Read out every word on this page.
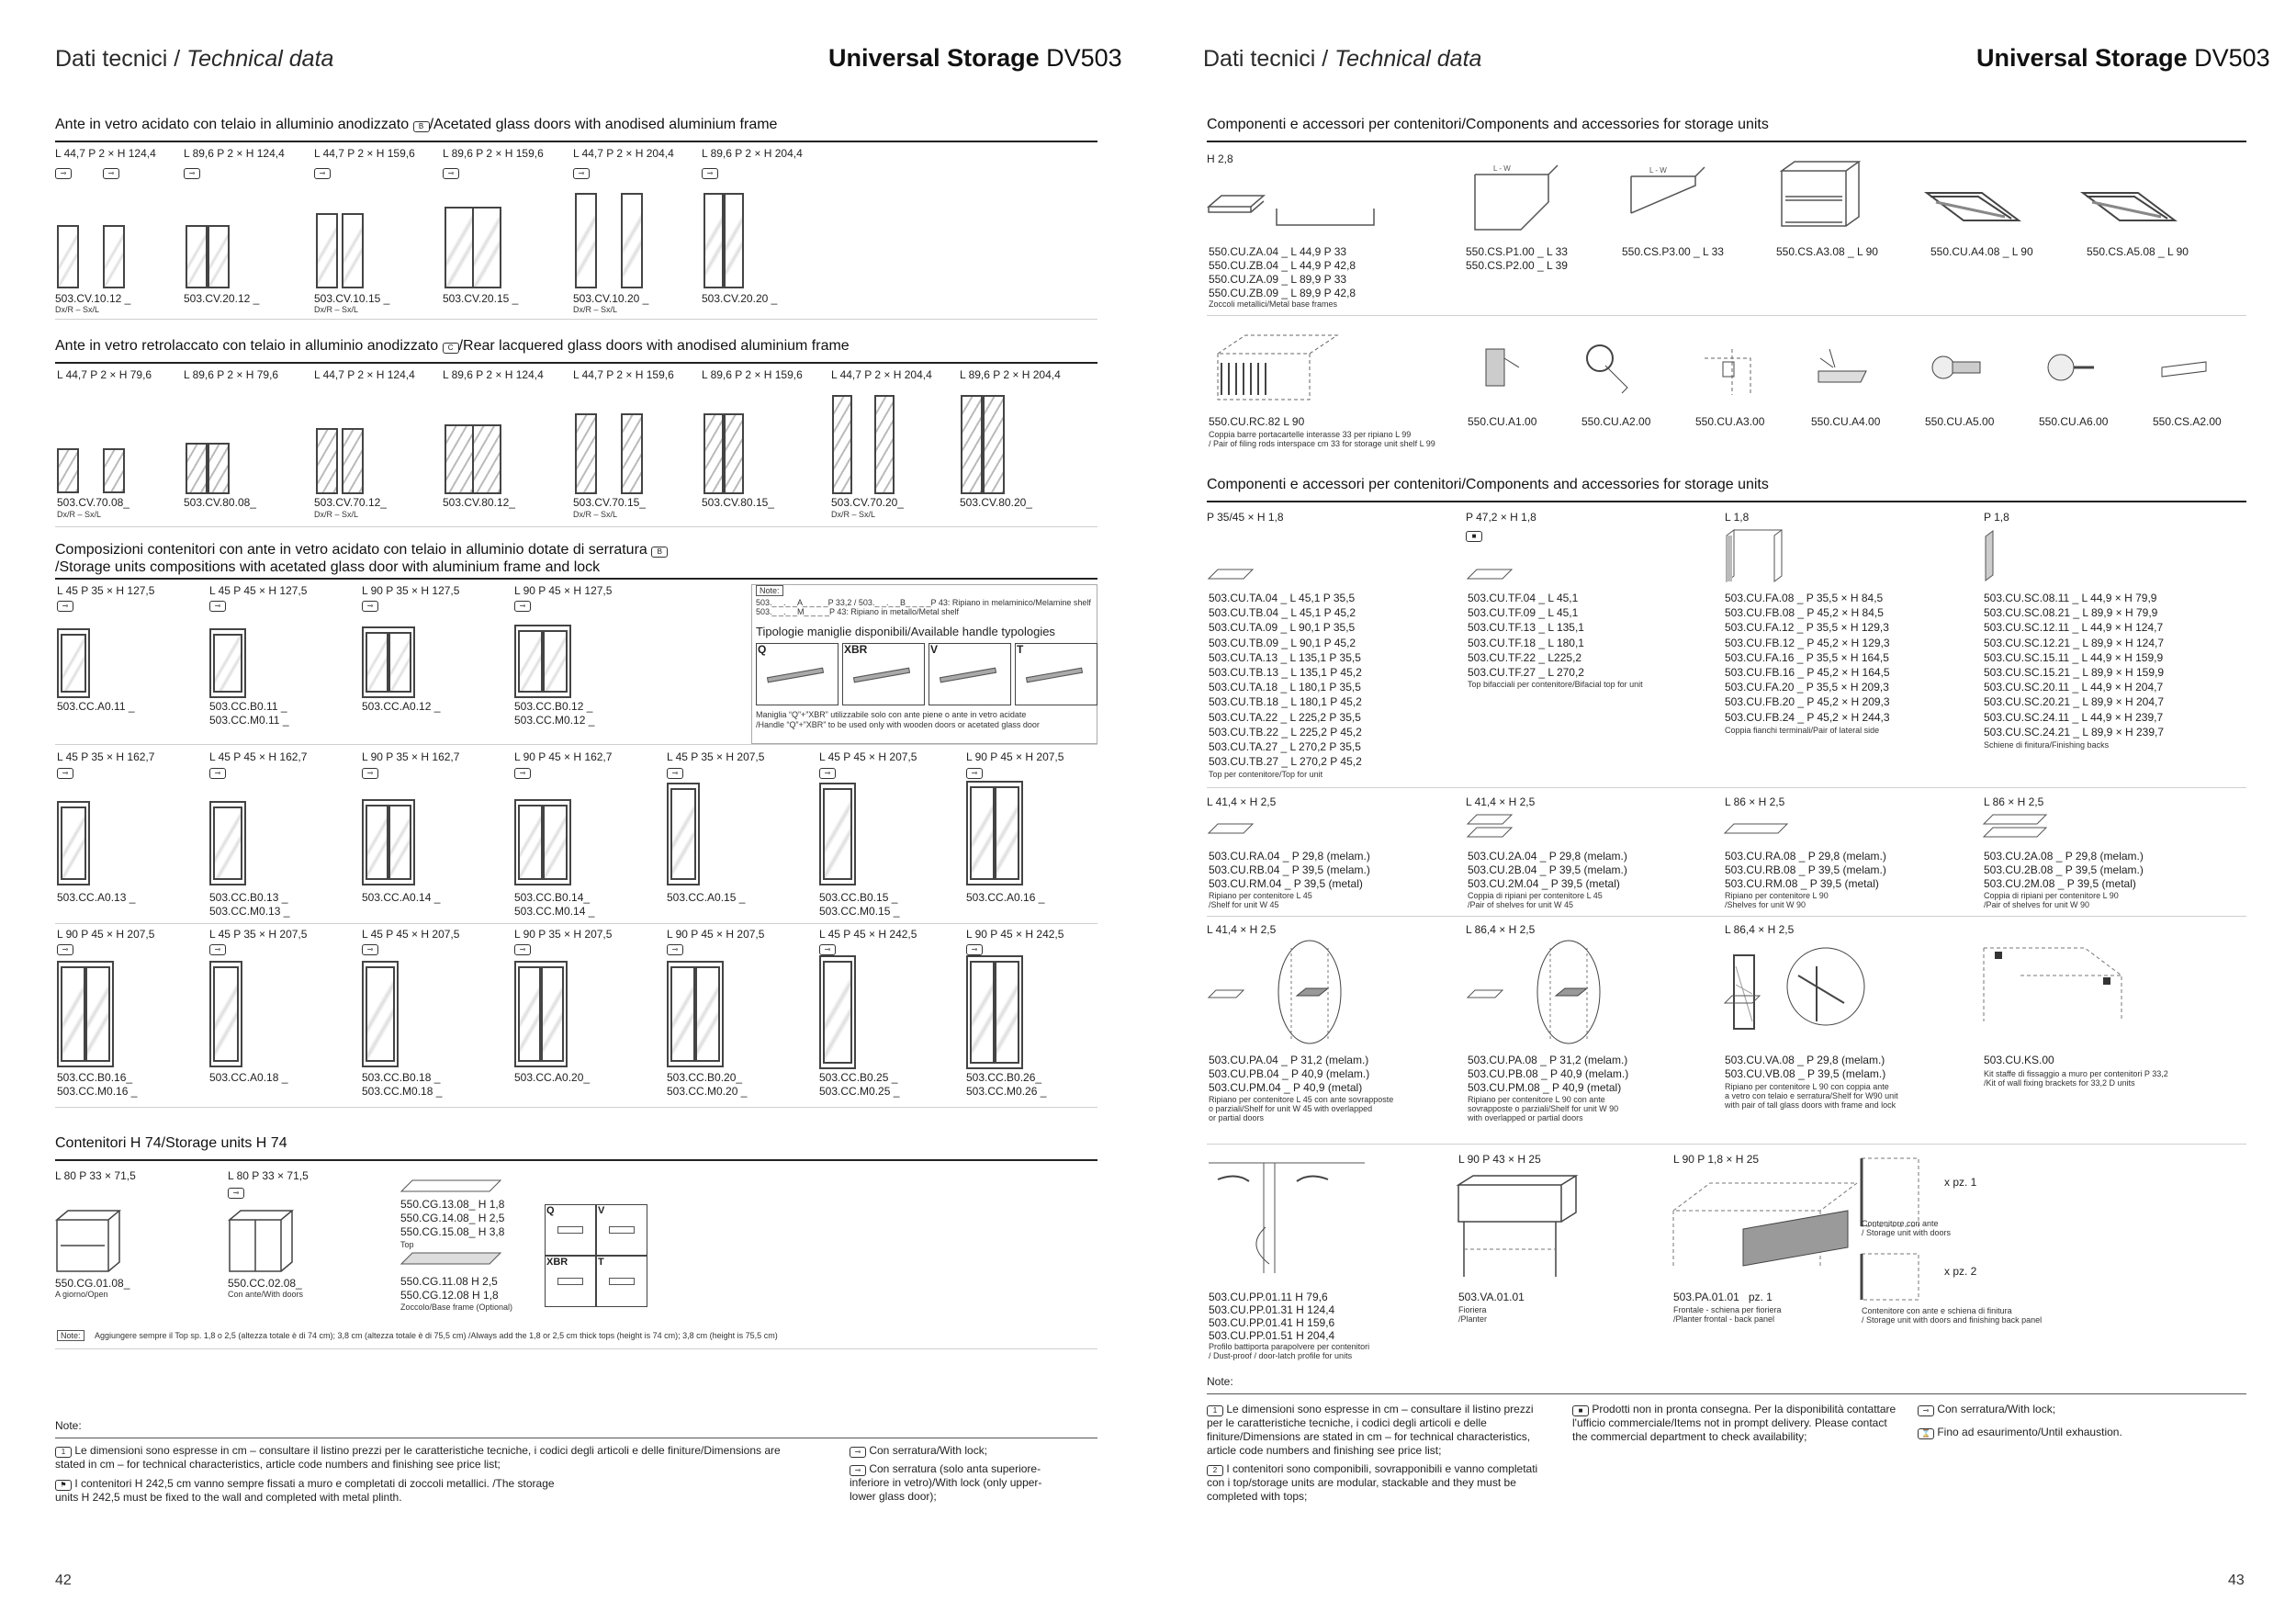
Dati tecnici / Technical data	Universal Storage DV503
Ante in vetro acidato con telaio in alluminio anodizzato B /Acetated glass doors with anodised aluminium frame
Ante in vetro retrolaccato con telaio in alluminio anodizzato C /Rear lacquered glass doors with anodised aluminium frame
Composizioni contenitori con ante in vetro acidato con telaio in alluminio dotate di serratura B
/Storage units compositions with acetated glass door with aluminium frame and lock
Note:
503._ _._ _A_ _ _ _P 33,2 / 503._ _._ _B_ _ _ _P 43: Ripiano in melaminico/Melamine shelf
503._ _._ _M_ _ _ _P 43: Ripiano in metallo/Metal shelf
Tipologie maniglie disponibili/Available handle typologies
Maniglia “Q”+”XBR” utilizzabile solo con ante piene o ante in vetro acidate
/Handle “Q”+”XBR” to be used only with wooden doors or acetated glass door
Contenitori H 74/Storage units H 74
L 80 P 33 × 71,5	L 80 P 33 × 71,5
⊸
550.CG.01.08_
A giorno/Open
550.CC.02.08_
Con ante/With doors
550.CG.13.08_ H 1,8
550.CG.14.08_ H 2,5
550.CG.15.08_ H 3,8
Top
550.CG.11.08 H 2,5
550.CG.12.08 H 1,8
Zoccolo/Base frame (Optional)
Note:	Aggiungere sempre il Top sp. 1,8 o 2,5 (altezza totale è di 74 cm); 3,8 cm (altezza totale è di 75,5 cm) /Always add the 1,8 or 2,5 cm thick tops (height is 74 cm); 3,8 cm (height is 75,5 cm)
Note:
1 Le dimensioni sono espresse in cm – consultare il listino prezzi per le caratteristiche tecniche, i codici degli articoli e delle finiture/Dimensions are stated in cm – for technical characteristics, article code numbers and finishing see price list;
⚑ I contenitori H 242,5 cm vanno sempre fissati a muro e completati di zoccoli metallici. /The storage units H 242,5 must be fixed to the wall and completed with metal plinth.
⊸ Con serratura/With lock;
⊸ Con serratura (solo anta superiore-inferiore in vetro)/With lock (only upper-lower glass door);
42
L 44,7 P 2 × H 124,4
503.CV.10.12 _
L 89,6 P 2 × H 124,4
503.CV.20.12 _
L 44,7 P 2 × H 159,6
503.CV.10.15 _
L 89,6 P 2 × H 159,6
503.CV.20.15 _
L 44,7 P 2 × H 204,4
503.CV.10.20 _
L 89,6 P 2 × H 204,4
503.CV.20.20 _
⊸	⊸	⊸	⊸	⊸	⊸	⊸
Dx/R – Sx/L	Dx/R – Sx/L	Dx/R – Sx/L
L 44,7 P 2 × H 79,6
503.CV.70.08_
L 89,6 P 2 × H 79,6
503.CV.80.08_
L 44,7 P 2 × H 124,4
503.CV.70.12_
L 89,6 P 2 × H 124,4
503.CV.80.12_
L 44,7 P 2 × H 159,6
503.CV.70.15_
L 89,6 P 2 × H 159,6
503.CV.80.15_
L 44,7 P 2 × H 204,4
503.CV.70.20_
L 89,6 P 2 × H 204,4
503.CV.80.20_
Dx/R – Sx/L	Dx/R – Sx/L	Dx/R – Sx/L	Dx/R – Sx/L
L 45 P 35 × H 127,5
⊸
503.CC.A0.11 _
L 45 P 45 × H 127,5
⊸
503.CC.B0.11 _
503.CC.M0.11 _
L 90 P 35 × H 127,5
⊸
503.CC.A0.12 _
L 90 P 45 × H 127,5
⊸
503.CC.B0.12 _
503.CC.M0.12 _
L 45 P 35 × H 162,7
⊸
503.CC.A0.13 _
L 45 P 45 × H 162,7
⊸
503.CC.B0.13 _
503.CC.M0.13 _
L 90 P 35 × H 162,7
⊸
503.CC.A0.14 _
L 90 P 45 × H 162,7
⊸
503.CC.B0.14_
503.CC.M0.14 _
L 45 P 35 × H 207,5
⊸
503.CC.A0.15 _
L 45 P 45 × H 207,5
⊸
503.CC.B0.15 _
503.CC.M0.15 _
L 90 P 45 × H 207,5
⊸
503.CC.A0.16 _
L 90 P 45 × H 207,5
⊸
503.CC.B0.16_
503.CC.M0.16 _
L 45 P 35 × H 207,5
⊸
503.CC.A0.18 _
L 45 P 45 × H 207,5
⊸
503.CC.B0.18 _
503.CC.M0.18 _
L 90 P 35 × H 207,5
⊸
503.CC.A0.20_
L 90 P 45 × H 207,5
⊸
503.CC.B0.20_
503.CC.M0.20 _
L 45 P 45 × H 242,5
⊸
503.CC.B0.25 _
503.CC.M0.25 _
L 90 P 45 × H 242,5
⊸
503.CC.B0.26_
503.CC.M0.26 _
Q	XBR	V	T
Q	V
XBR	T
Dati tecnici / Technical data	Universal Storage DV503
Componenti e accessori per contenitori/Components and accessories for storage units
H 2,8
L - W	L - W
550.CU.ZA.04 _ L 44,9 P 33
550.CU.ZB.04 _ L 44,9 P 42,8
550.CU.ZA.09 _ L 89,9 P 33
550.CU.ZB.09 _ L 89,9 P 42,8
Zoccoli metallici/Metal base frames
550.CS.P1.00 _ L 33
550.CS.P2.00 _ L 39
550.CS.P3.00 _ L 33	550.CS.A3.08 _ L 90	550.CU.A4.08 _ L 90	550.CS.A5.08 _ L 90
550.CU.RC.82 L 90
Coppia barre portacartelle interasse 33 per ripiano L 99
/ Pair of filing rods interspace cm 33 for storage unit shelf L 99
Componenti e accessori per contenitori/Components and accessories for storage units
P 35/45 × H 1,8	P 47,2 × H 1,8
■
L 1,8	P 1,8
503.CU.TA.04 _ L 45,1 P 35,5
503.CU.TB.04 _ L 45,1 P 45,2
503.CU.TA.09 _ L 90,1 P 35,5
503.CU.TB.09 _ L 90,1 P 45,2
503.CU.TA.13 _ L 135,1 P 35,5
503.CU.TB.13 _ L 135,1 P 45,2
503.CU.TA.18 _ L 180,1 P 35,5
503.CU.TB.18 _ L 180,1 P 45,2
503.CU.TA.22 _ L 225,2 P 35,5
503.CU.TB.22 _ L 225,2 P 45,2
503.CU.TA.27 _ L 270,2 P 35,5
503.CU.TB.27 _ L 270,2 P 45,2
Top per contenitore/Top for unit
503.CU.TF.04 _ L 45,1
503.CU.TF.09 _ L 45,1
503.CU.TF.13 _ L 135,1
503.CU.TF.18 _ L 180,1
503.CU.TF.22 _ L225,2
503.CU.TF.27 _ L 270,2
Top bifacciali per contenitore/Bifacial top for unit
503.CU.FA.08 _ P 35,5 × H 84,5
503.CU.FB.08 _ P 45,2 × H 84,5
503.CU.FA.12 _ P 35,5 × H 129,3
503.CU.FB.12 _ P 45,2 × H 129,3
503.CU.FA.16 _ P 35,5 × H 164,5
503.CU.FB.16 _ P 45,2 × H 164,5
503.CU.FA.20 _ P 35,5 × H 209,3
503.CU.FB.20 _ P 45,2 × H 209,3
503.CU.FB.24 _ P 45,2 × H 244,3
Coppia fianchi terminali/Pair of lateral side
503.CU.SC.08.11 _ L 44,9 × H 79,9
503.CU.SC.08.21 _ L 89,9 × H 79,9
503.CU.SC.12.11 _ L 44,9 × H 124,7
503.CU.SC.12.21 _ L 89,9 × H 124,7
503.CU.SC.15.11 _ L 44,9 × H 159,9
503.CU.SC.15.21 _ L 89,9 × H 159,9
503.CU.SC.20.11 _ L 44,9 × H 204,7
503.CU.SC.20.21 _ L 89,9 × H 204,7
503.CU.SC.24.11 _ L 44,9 × H 239,7
503.CU.SC.24.21 _ L 89,9 × H 239,7
Schiene di finitura/Finishing backs
L 41,4 × H 2,5	L 41,4 × H 2,5	L 86 × H 2,5	L 86 × H 2,5
503.CU.RA.04 _ P 29,8 (melam.)
503.CU.RB.04 _ P 39,5 (melam.)
503.CU.RM.04 _ P 39,5 (metal)
Ripiano per contenitore L 45
/Shelf for unit W 45
503.CU.2A.04 _ P 29,8 (melam.)
503.CU.2B.04 _ P 39,5 (melam.)
503.CU.2M.04 _ P 39,5 (metal)
Coppia di ripiani per contenitore L 45
/Pair of shelves for unit W 45
503.CU.RA.08 _ P 29,8 (melam.)
503.CU.RB.08 _ P 39,5 (melam.)
503.CU.RM.08 _ P 39,5 (metal)
Ripiano per contenitore L 90
/Shelves for unit W 90
503.CU.2A.08 _ P 29,8 (melam.)
503.CU.2B.08 _ P 39,5 (melam.)
503.CU.2M.08 _ P 39,5 (metal)
Coppia di ripiani per contenitore L 90
/Pair of shelves for unit W 90
L 41,4 × H 2,5	L 86,4 × H 2,5	L 86,4 × H 2,5
503.CU.PA.04 _ P 31,2 (melam.)
503.CU.PB.04 _ P 40,9 (melam.)
503.CU.PM.04 _ P 40,9 (metal)
Ripiano per contenitore L 45 con ante sovrapposte
o parziali/Shelf for unit W 45 with overlapped
or partial doors
503.CU.PA.08 _ P 31,2 (melam.)
503.CU.PB.08 _ P 40,9 (melam.)
503.CU.PM.08 _ P 40,9 (metal)
Ripiano per contenitore L 90 con ante
sovrapposte o parziali/Shelf for unit W 90
with overlapped or partial doors
503.CU.VA.08 _ P 29,8 (melam.)
503.CU.VB.08 _ P 39,5 (melam.)
Ripiano per contenitore L 90 con coppia ante
a vetro con telaio e serratura/Shelf for W90 unit
with pair of tall glass doors with frame and lock
503.CU.KS.00
Kit staffe di fissaggio a muro per contenitori P 33,2
/Kit of wall fixing brackets for 33,2 D units
L 90 P 43 × H 25	L 90 P 1,8 × H 25
x pz. 1
Contenitore con ante
/ Storage unit with doors
x pz. 2
Contenitore con ante e schiena di finitura
/ Storage unit with doors and finishing back panel
503.CU.PP.01.11 H 79,6
503.CU.PP.01.31 H 124,4
503.CU.PP.01.41 H 159,6
503.CU.PP.01.51 H 204,4
Profilo battiporta parapolvere per contenitori
/ Dust-proof / door-latch profile for units
503.VA.01.01
Fioriera
/Planter
503.PA.01.01   pz. 1
Frontale - schiena per fioriera
/Planter frontal - back panel
Note:
1 Le dimensioni sono espresse in cm – consultare il listino prezzi per le caratteristiche tecniche, i codici degli articoli e delle finiture/Dimensions are stated in cm – for technical characteristics, article code numbers and finishing see price list;
2 I contenitori sono componibili, sovrapponibili e vanno completati con i top/storage units are modular, stackable and they must be completed with tops;
■ Prodotti non in pronta consegna. Per la disponibilità contattare l'ufficio commerciale/Items not in prompt delivery. Please contact the commercial department to check availability;
⊸ Con serratura/With lock;
⌛ Fino ad esaurimento/Until exhaustion.
43
550.CU.A1.00	550.CU.A2.00	550.CU.A3.00	550.CU.A4.00	550.CU.A5.00	550.CU.A6.00	550.CS.A2.00
